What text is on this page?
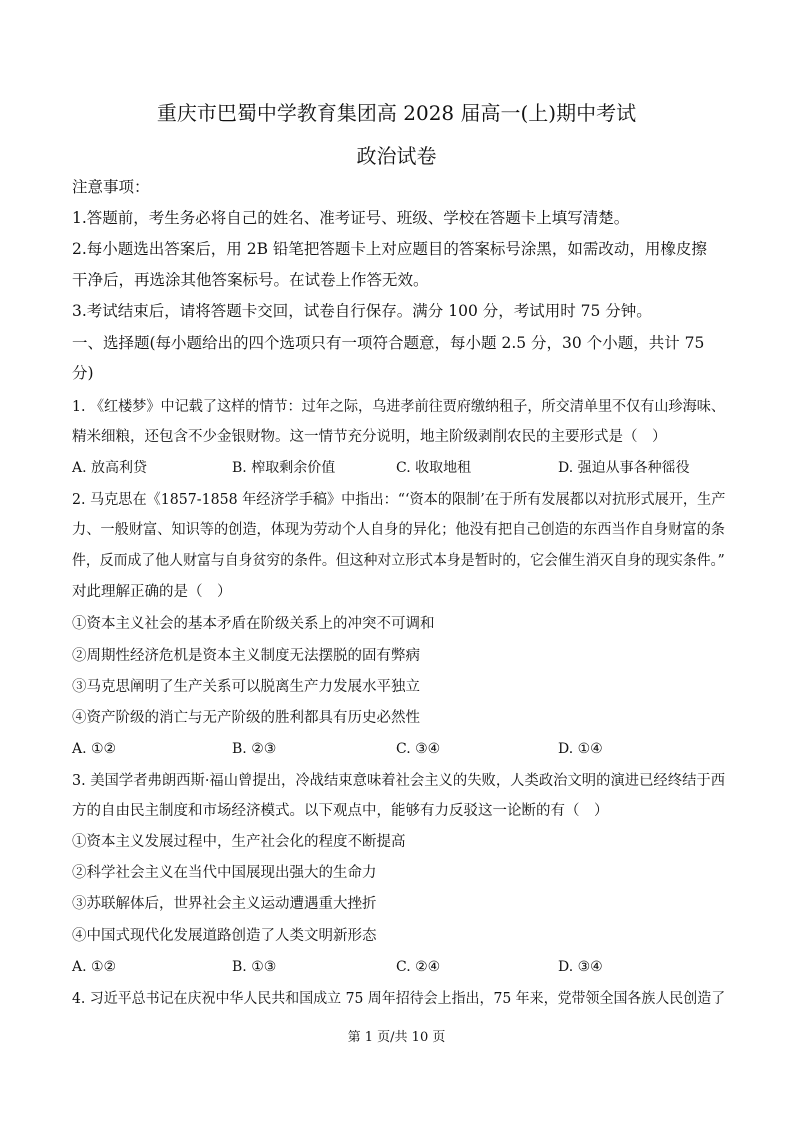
重庆市巴蜀中学教育集团高 2028 届高一(上)期中考试
政治试卷
注意事项：
1.答题前，考生务必将自己的姓名、准考证号、班级、学校在答题卡上填写清楚。
2.每小题选出答案后，用 2B 铅笔把答题卡上对应题目的答案标号涂黑，如需改动，用橡皮擦
干净后，再选涂其他答案标号。在试卷上作答无效。
3.考试结束后，请将答题卡交回，试卷自行保存。满分 100 分，考试用时 75 分钟。
一、选择题(每小题给出的四个选项只有一项符合题意，每小题 2.5 分，30 个小题，共计 75
分)
1. 《红楼梦》中记载了这样的情节：过年之际，乌进孝前往贾府缴纳租子，所交清单里不仅有山珍海味、
精米细粮，还包含不少金银财物。这一情节充分说明，地主阶级剥削农民的主要形式是（　）
A. 放高利贷	B. 榨取剩余价值	C. 收取地租	D. 强迫从事各种徭役
2. 马克思在《1857-1858 年经济学手稿》中指出：“‘资本的限制’在于所有发展都以对抗形式展开，生产
力、一般财富、知识等的创造，体现为劳动个人自身的异化；他没有把自己创造的东西当作自身财富的条
件，反而成了他人财富与自身贫穷的条件。但这种对立形式本身是暂时的，它会催生消灭自身的现实条件。”
对此理解正确的是（　）
①资本主义社会的基本矛盾在阶级关系上的冲突不可调和
②周期性经济危机是资本主义制度无法摆脱的固有弊病
③马克思阐明了生产关系可以脱离生产力发展水平独立
④资产阶级的消亡与无产阶级的胜利都具有历史必然性
A. ①②	B. ②③	C. ③④	D. ①④
3. 美国学者弗朗西斯·福山曾提出，冷战结束意味着社会主义的失败，人类政治文明的演进已经终结于西
方的自由民主制度和市场经济模式。以下观点中，能够有力反驳这一论断的有（　）
①资本主义发展过程中，生产社会化的程度不断提高
②科学社会主义在当代中国展现出强大的生命力
③苏联解体后，世界社会主义运动遭遇重大挫折
④中国式现代化发展道路创造了人类文明新形态
A. ①②	B. ①③	C. ②④	D. ③④
4. 习近平总书记在庆祝中华人民共和国成立 75 周年招待会上指出，75 年来，党带领全国各族人民创造了
第 1 页/共 10 页
